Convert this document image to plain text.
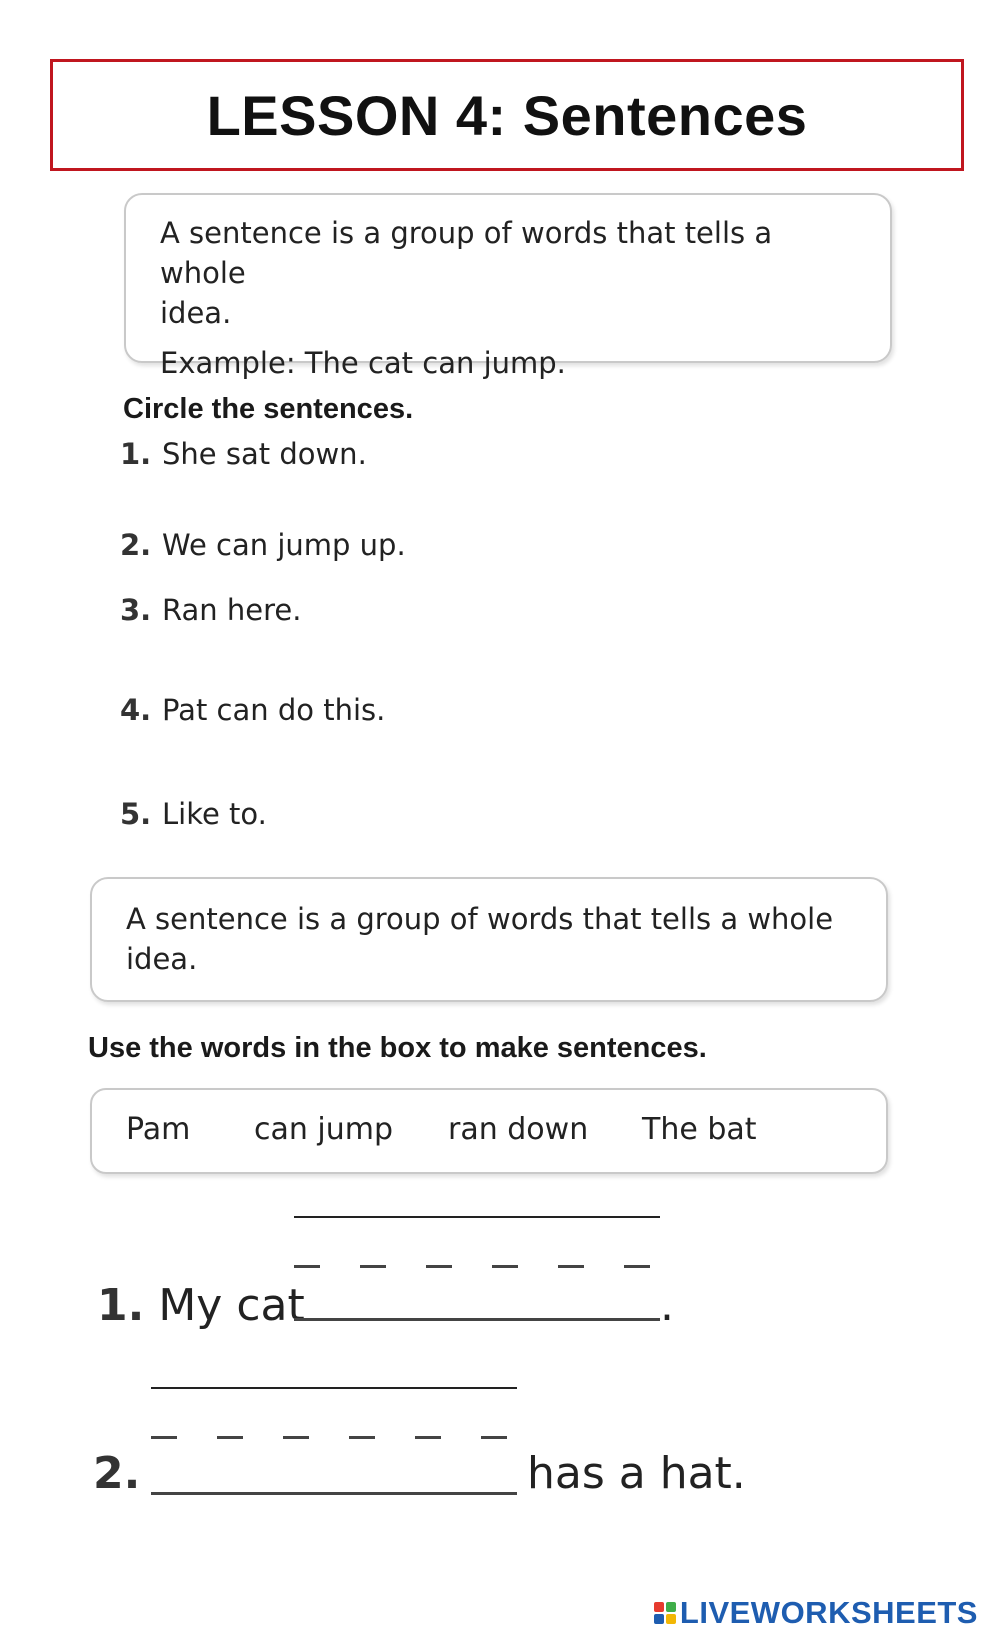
LESSON 4: Sentences
A sentence is a group of words that tells a whole
idea.
Example: The cat can jump.
Circle the sentences.
1. She sat down.
2. We can jump up.
3. Ran here.
4. Pat can do this.
5. Like to.
A sentence is a group of words that tells a whole
idea.
Use the words in the box to make sentences.
Pam can jump ran down The bat
1. My cat	.
2.	has a hat.
LIVEWORKSHEETS
